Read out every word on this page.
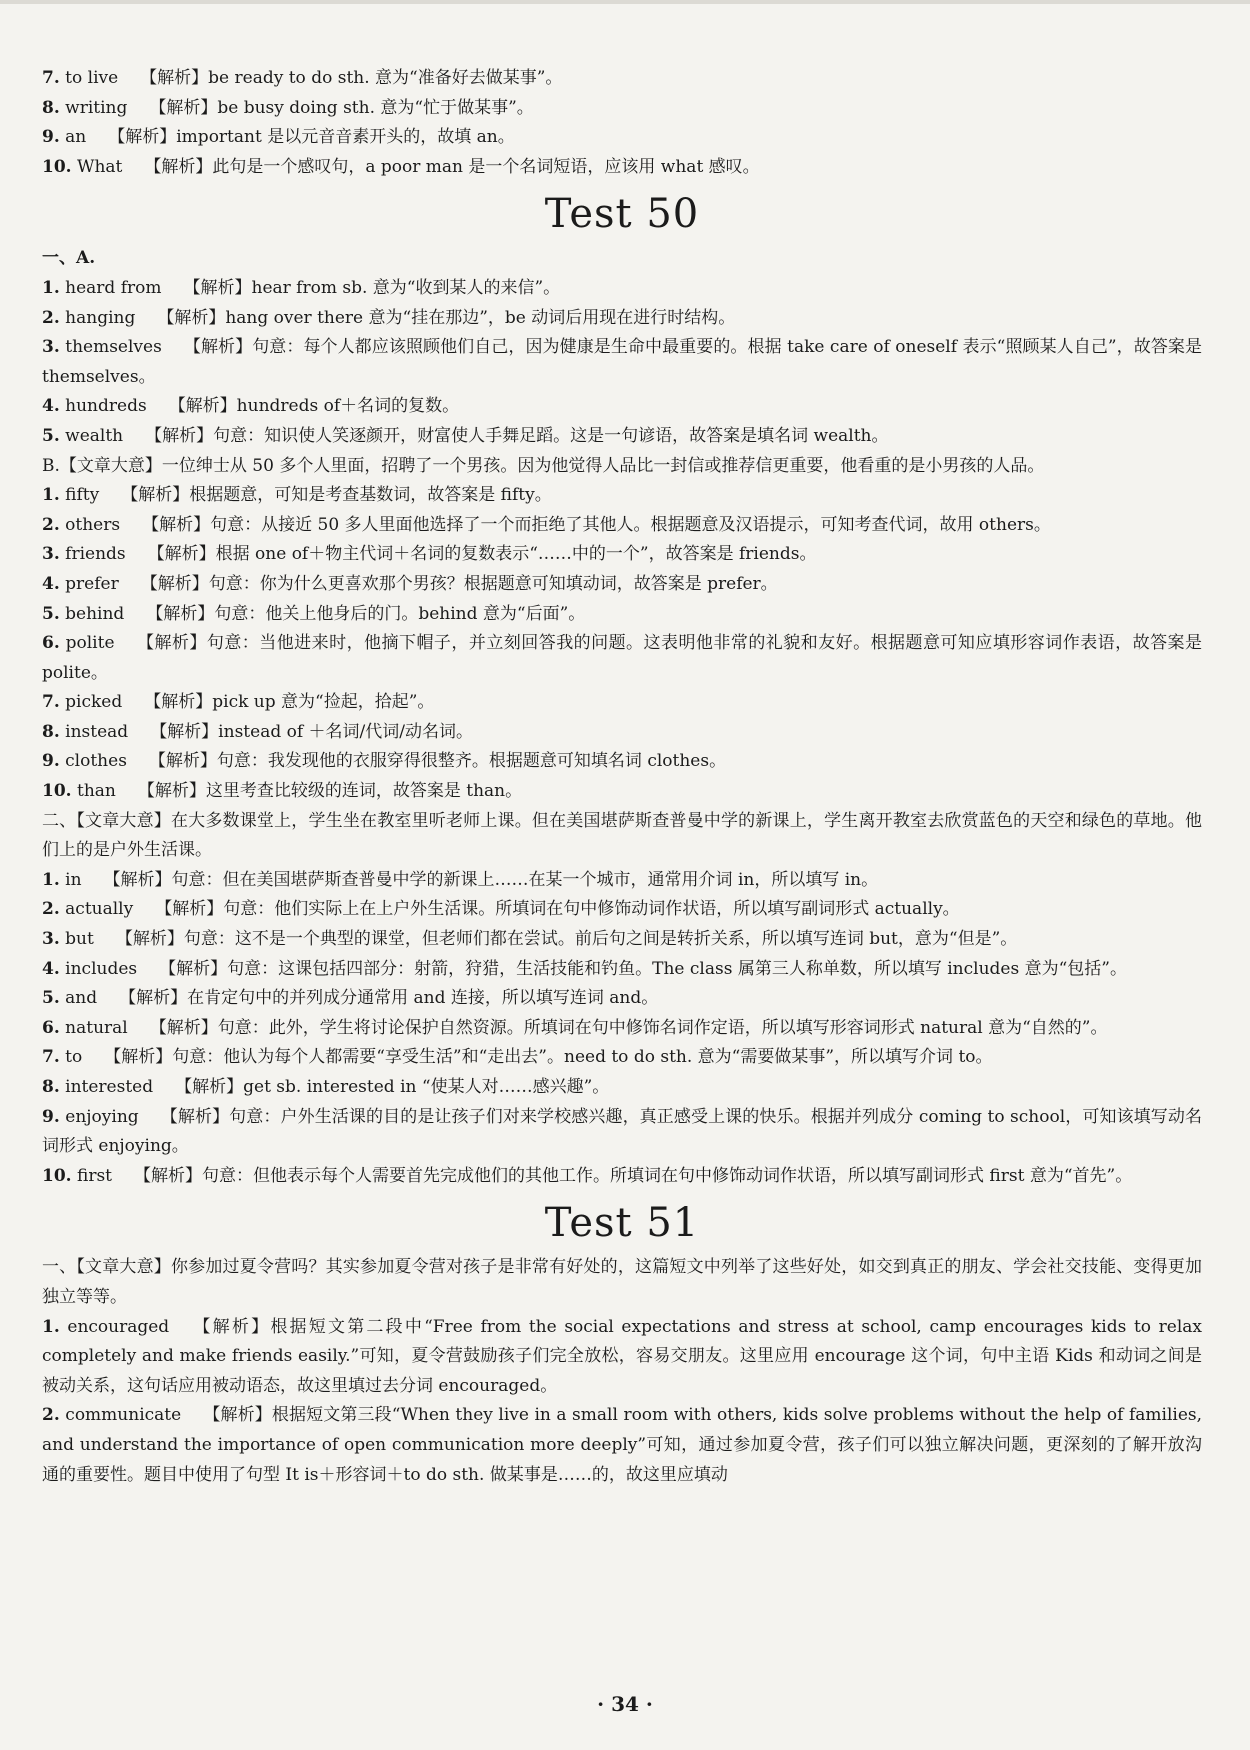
7. to live 【解析】be ready to do sth. 意为“准备好去做某事”。

8. writing 【解析】be busy doing sth. 意为“忙于做某事”。

9. an 【解析】important 是以元音音素开头的，故填 an。

10. What 【解析】此句是一个感叹句，a poor man 是一个名词短语，应该用 what 感叹。

Test 50

一、A.

1. heard from 【解析】hear from sb. 意为“收到某人的来信”。

2. hanging 【解析】hang over there 意为“挂在那边”，be 动词后用现在进行时结构。

3. themselves 【解析】句意：每个人都应该照顾他们自己，因为健康是生命中最重要的。根据 take care of oneself 表示“照顾某人自己”，故答案是 themselves。

4. hundreds 【解析】hundreds of＋名词的复数。

5. wealth 【解析】句意：知识使人笑逐颜开，财富使人手舞足蹈。这是一句谚语，故答案是填名词 wealth。

B.【文章大意】一位绅士从 50 多个人里面，招聘了一个男孩。因为他觉得人品比一封信或推荐信更重要，他看重的是小男孩的人品。

1. fifty 【解析】根据题意，可知是考查基数词，故答案是 fifty。

2. others 【解析】句意：从接近 50 多人里面他选择了一个而拒绝了其他人。根据题意及汉语提示，可知考查代词，故用 others。

3. friends 【解析】根据 one of＋物主代词＋名词的复数表示“……中的一个”，故答案是 friends。

4. prefer 【解析】句意：你为什么更喜欢那个男孩？根据题意可知填动词，故答案是 prefer。

5. behind 【解析】句意：他关上他身后的门。behind 意为“后面”。

6. polite 【解析】句意：当他进来时，他摘下帽子，并立刻回答我的问题。这表明他非常的礼貌和友好。根据题意可知应填形容词作表语，故答案是 polite。

7. picked 【解析】pick up 意为“捡起，拾起”。

8. instead 【解析】instead of ＋名词/代词/动名词。

9. clothes 【解析】句意：我发现他的衣服穿得很整齐。根据题意可知填名词 clothes。

10. than 【解析】这里考查比较级的连词，故答案是 than。

二、【文章大意】在大多数课堂上，学生坐在教室里听老师上课。但在美国堪萨斯查普曼中学的新课上，学生离开教室去欣赏蓝色的天空和绿色的草地。他们上的是户外生活课。

1. in 【解析】句意：但在美国堪萨斯查普曼中学的新课上……在某一个城市，通常用介词 in，所以填写 in。

2. actually 【解析】句意：他们实际上在上户外生活课。所填词在句中修饰动词作状语，所以填写副词形式 actually。

3. but 【解析】句意：这不是一个典型的课堂，但老师们都在尝试。前后句之间是转折关系，所以填写连词 but，意为“但是”。

4. includes 【解析】句意：这课包括四部分：射箭，狩猎，生活技能和钓鱼。The class 属第三人称单数，所以填写 includes 意为“包括”。

5. and 【解析】在肯定句中的并列成分通常用 and 连接，所以填写连词 and。

6. natural 【解析】句意：此外，学生将讨论保护自然资源。所填词在句中修饰名词作定语，所以填写形容词形式 natural 意为“自然的”。

7. to 【解析】句意：他认为每个人都需要“享受生活”和“走出去”。need to do sth. 意为“需要做某事”，所以填写介词 to。

8. interested 【解析】get sb. interested in “使某人对……感兴趣”。

9. enjoying 【解析】句意：户外生活课的目的是让孩子们对来学校感兴趣，真正感受上课的快乐。根据并列成分 coming to school，可知该填写动名词形式 enjoying。

10. first 【解析】句意：但他表示每个人需要首先完成他们的其他工作。所填词在句中修饰动词作状语，所以填写副词形式 first 意为“首先”。

Test 51

一、【文章大意】你参加过夏令营吗？其实参加夏令营对孩子是非常有好处的，这篇短文中列举了这些好处，如交到真正的朋友、学会社交技能、变得更加独立等等。

1. encouraged 【解析】根据短文第二段中“Free from the social expectations and stress at school, camp encourages kids to relax completely and make friends easily.”可知，夏令营鼓励孩子们完全放松，容易交朋友。这里应用 encourage 这个词，句中主语 Kids 和动词之间是被动关系，这句话应用被动语态，故这里填过去分词 encouraged。

2. communicate 【解析】根据短文第三段“When they live in a small room with others, kids solve problems without the help of families, and understand the importance of open communication more deeply”可知，通过参加夏令营，孩子们可以独立解决问题，更深刻的了解开放沟通的重要性。题目中使用了句型 It is＋形容词＋to do sth. 做某事是……的，故这里应填动

· 34 ·
